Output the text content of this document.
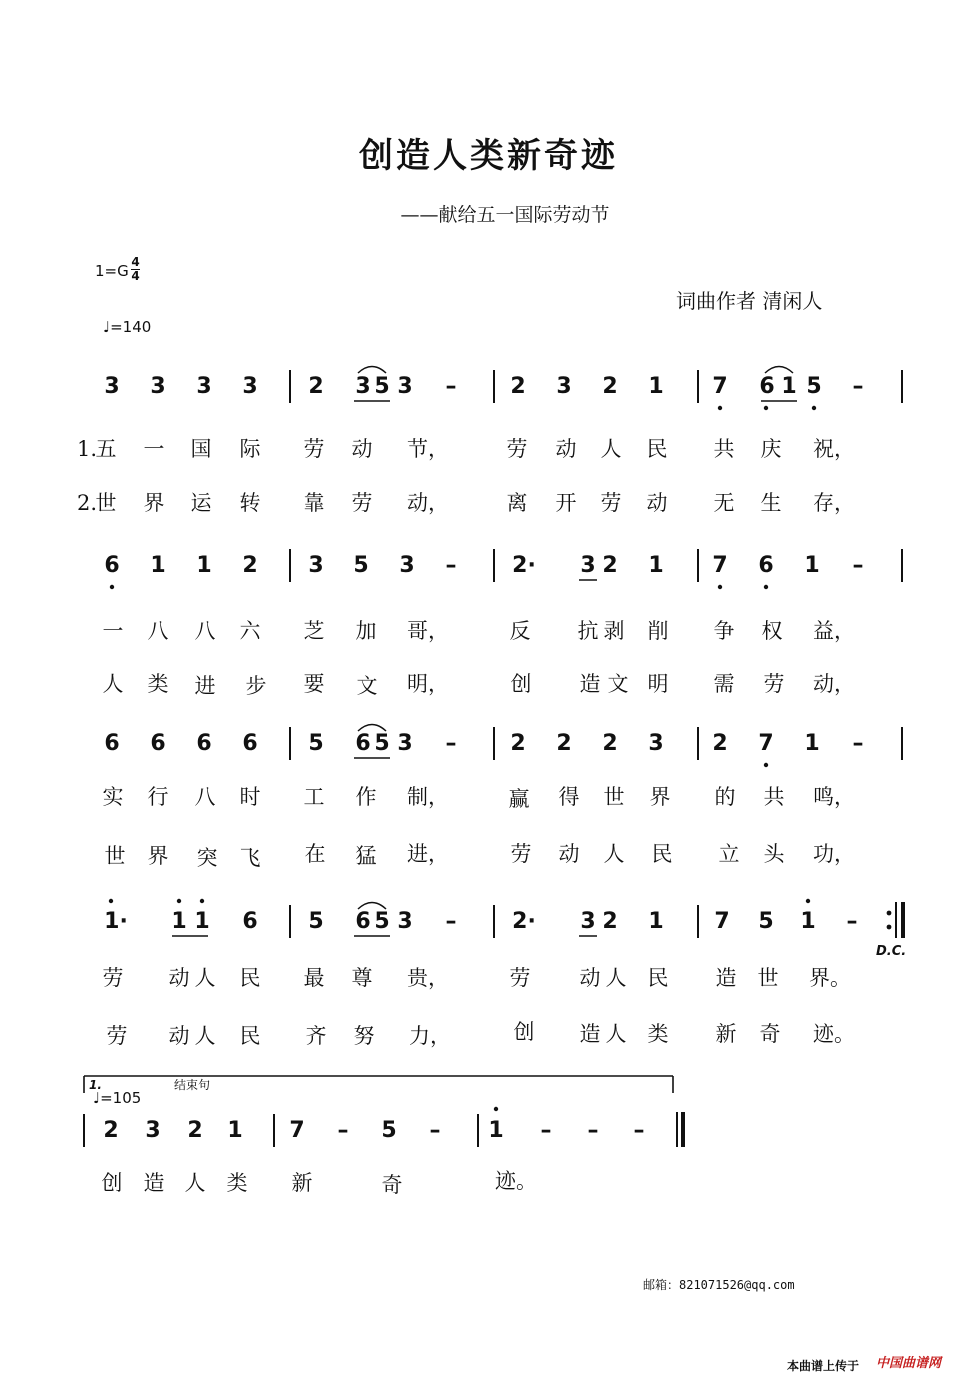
创造人类新奇迹
——献给五一国际劳动节
1=G 4
4
♩=140
词曲作者 清闲人
3 3 3 3 2 3 5 3 – 2 3 2 1 7 6 1 5 –
1.
五 一 国 际 劳 动 节，	劳 动 人 民 共 庆 祝，
2.
世 界 运 转 靠 劳 动，	离 开 劳 动 无 生 存，
6 1 1 2 3 5 3 –	2· 3 2 1 7 6 1 –
一 八 八 六 芝 加 哥，	反 抗 剥 削 争 权 益，
人 类 进 步 要 文 明，	创 造 文 明 需 劳 动，
6 6 6 6 5 6 5 3 – 2 2 2 3 2 7 1 –
实 行 八 时 工 作 制，	赢 得 世 界 的 共 鸣，
世 界 突 飞 在 猛 进，	劳 动 人 民 立 头 功，
1· 1 1 6 5 6 5 3 –	2· 3 2 1 7 5 1 –
D.C.
劳 动 人 民 最 尊 贵，	劳 动 人 民 造 世 界。
劳 动 人 民 齐 努 力，	创 造 人 类 新 奇 迹。
1.	结束句
♩=105
2 3 2 1 7 – 5 – 1 – – –
创 造 人 类 新	奇	迹。
邮箱：821071526@qq.com
本曲谱上传于 中国曲谱网
